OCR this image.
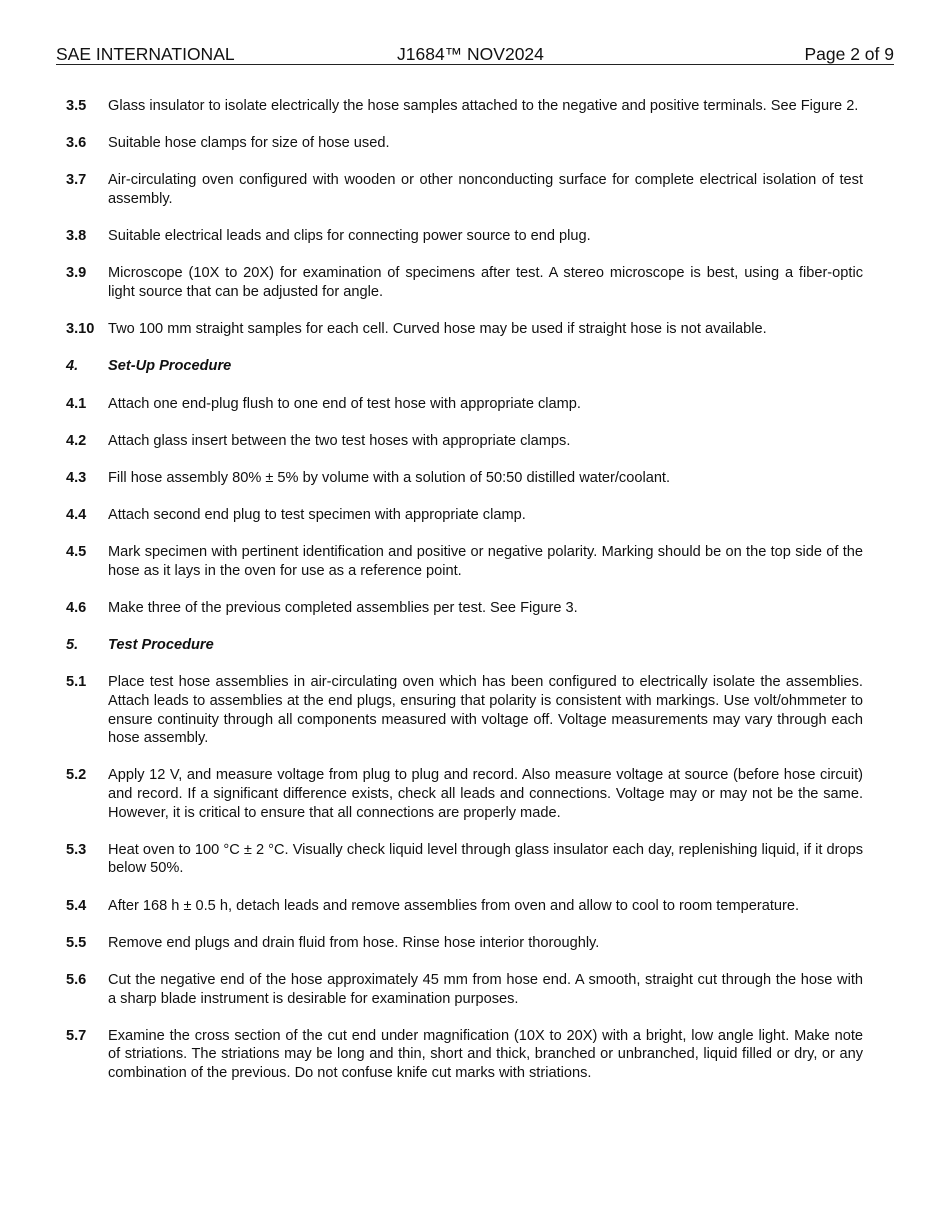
SAE INTERNATIONAL	J1684™ NOV2024	Page 2 of 9
3.5	Glass insulator to isolate electrically the hose samples attached to the negative and positive terminals. See Figure 2.
3.6	Suitable hose clamps for size of hose used.
3.7	Air-circulating oven configured with wooden or other nonconducting surface for complete electrical isolation of test assembly.
3.8	Suitable electrical leads and clips for connecting power source to end plug.
3.9	Microscope (10X to 20X) for examination of specimens after test. A stereo microscope is best, using a fiber-optic light source that can be adjusted for angle.
3.10 Two 100 mm straight samples for each cell. Curved hose may be used if straight hose is not available.
4.	Set-Up Procedure
4.1	Attach one end-plug flush to one end of test hose with appropriate clamp.
4.2	Attach glass insert between the two test hoses with appropriate clamps.
4.3	Fill hose assembly 80% ± 5% by volume with a solution of 50:50 distilled water/coolant.
4.4	Attach second end plug to test specimen with appropriate clamp.
4.5	Mark specimen with pertinent identification and positive or negative polarity. Marking should be on the top side of the hose as it lays in the oven for use as a reference point.
4.6	Make three of the previous completed assemblies per test. See Figure 3.
5.	Test Procedure
5.1	Place test hose assemblies in air-circulating oven which has been configured to electrically isolate the assemblies. Attach leads to assemblies at the end plugs, ensuring that polarity is consistent with markings. Use volt/ohmmeter to ensure continuity through all components measured with voltage off. Voltage measurements may vary through each hose assembly.
5.2	Apply 12 V, and measure voltage from plug to plug and record. Also measure voltage at source (before hose circuit) and record. If a significant difference exists, check all leads and connections. Voltage may or may not be the same. However, it is critical to ensure that all connections are properly made.
5.3	Heat oven to 100 °C ± 2 °C. Visually check liquid level through glass insulator each day, replenishing liquid, if it drops below 50%.
5.4	After 168 h ± 0.5 h, detach leads and remove assemblies from oven and allow to cool to room temperature.
5.5	Remove end plugs and drain fluid from hose. Rinse hose interior thoroughly.
5.6	Cut the negative end of the hose approximately 45 mm from hose end. A smooth, straight cut through the hose with a sharp blade instrument is desirable for examination purposes.
5.7	Examine the cross section of the cut end under magnification (10X to 20X) with a bright, low angle light. Make note of striations. The striations may be long and thin, short and thick, branched or unbranched, liquid filled or dry, or any combination of the previous. Do not confuse knife cut marks with striations.
